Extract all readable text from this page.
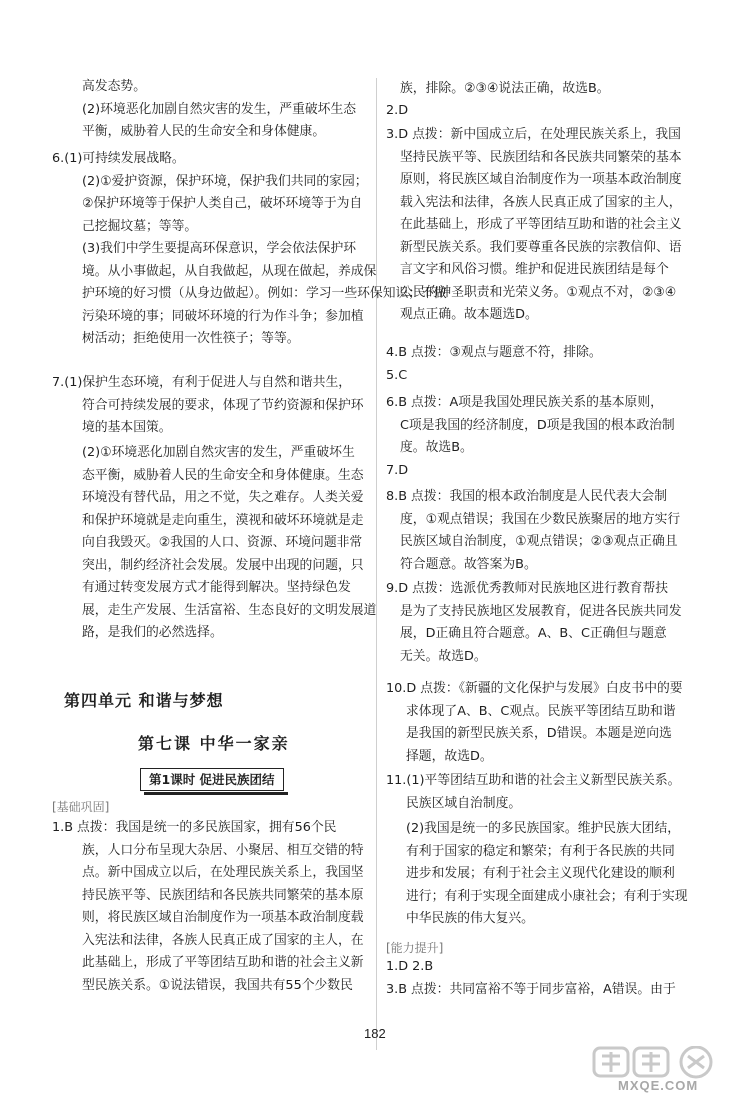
高发态势。
(2)环境恶化加剧自然灾害的发生，严重破坏生态
平衡，威胁着人民的生命安全和身体健康。
6.(1)可持续发展战略。
(2)①爱护资源，保护环境，保护我们共同的家园；
②保护环境等于保护人类自己，破坏环境等于为自
己挖掘坟墓；等等。
(3)我们中学生要提高环保意识，学会依法保护环
境。从小事做起，从自我做起，从现在做起，养成保
护环境的好习惯（从身边做起）。例如：学习一些环保知识；不做
污染环境的事；同破坏环境的行为作斗争；参加植
树活动；拒绝使用一次性筷子；等等。
7.(1)保护生态环境，有利于促进人与自然和谐共生，
符合可持续发展的要求，体现了节约资源和保护环
境的基本国策。
(2)①环境恶化加剧自然灾害的发生，严重破坏生
态平衡，威胁着人民的生命安全和身体健康。生态
环境没有替代品，用之不觉，失之难存。人类关爱
和保护环境就是走向重生，漠视和破坏环境就是走
向自我毁灭。②我国的人口、资源、环境问题非常
突出，制约经济社会发展。发展中出现的问题，只
有通过转变发展方式才能得到解决。坚持绿色发
展，走生产发展、生活富裕、生态良好的文明发展道
路，是我们的必然选择。
第四单元 和谐与梦想
第七课 中华一家亲
第1课时 促进民族团结
[基础巩固]
1.B 点拨：我国是统一的多民族国家，拥有56个民
族，人口分布呈现大杂居、小聚居、相互交错的特
点。新中国成立以后，在处理民族关系上，我国坚
持民族平等、民族团结和各民族共同繁荣的基本原
则，将民族区域自治制度作为一项基本政治制度载
入宪法和法律，各族人民真正成了国家的主人，在
此基础上，形成了平等团结互助和谐的社会主义新
型民族关系。①说法错误，我国共有55个少数民
族，排除。②③④说法正确，故选B。
2.D
3.D 点拨：新中国成立后，在处理民族关系上，我国
坚持民族平等、民族团结和各民族共同繁荣的基本
原则，将民族区域自治制度作为一项基本政治制度
载入宪法和法律，各族人民真正成了国家的主人，
在此基础上，形成了平等团结互助和谐的社会主义
新型民族关系。我们要尊重各民族的宗教信仰、语
言文字和风俗习惯。维护和促进民族团结是每个
公民的神圣职责和光荣义务。①观点不对，②③④
观点正确。故本题选D。
4.B 点拨：③观点与题意不符，排除。
5.C
6.B 点拨：A项是我国处理民族关系的基本原则，
C项是我国的经济制度，D项是我国的根本政治制
度。故选B。
7.D
8.B 点拨：我国的根本政治制度是人民代表大会制
度，①观点错误；我国在少数民族聚居的地方实行
民族区域自治制度，①观点错误；②③观点正确且
符合题意。故答案为B。
9.D 点拨：选派优秀教师对民族地区进行教育帮扶
是为了支持民族地区发展教育，促进各民族共同发
展，D正确且符合题意。A、B、C正确但与题意
无关。故选D。
10.D 点拨：《新疆的文化保护与发展》白皮书中的要
求体现了A、B、C观点。民族平等团结互助和谐
是我国的新型民族关系，D错误。本题是逆向选
择题，故选D。
11.(1)平等团结互助和谐的社会主义新型民族关系。
民族区域自治制度。
(2)我国是统一的多民族国家。维护民族大团结，
有利于国家的稳定和繁荣；有利于各民族的共同
进步和发展；有利于社会主义现代化建设的顺利
进行；有利于实现全面建成小康社会；有利于实现
中华民族的伟大复兴。
[能力提升]
1.D 2.B
3.B 点拨：共同富裕不等于同步富裕，A错误。由于
182
MXQE.COM
